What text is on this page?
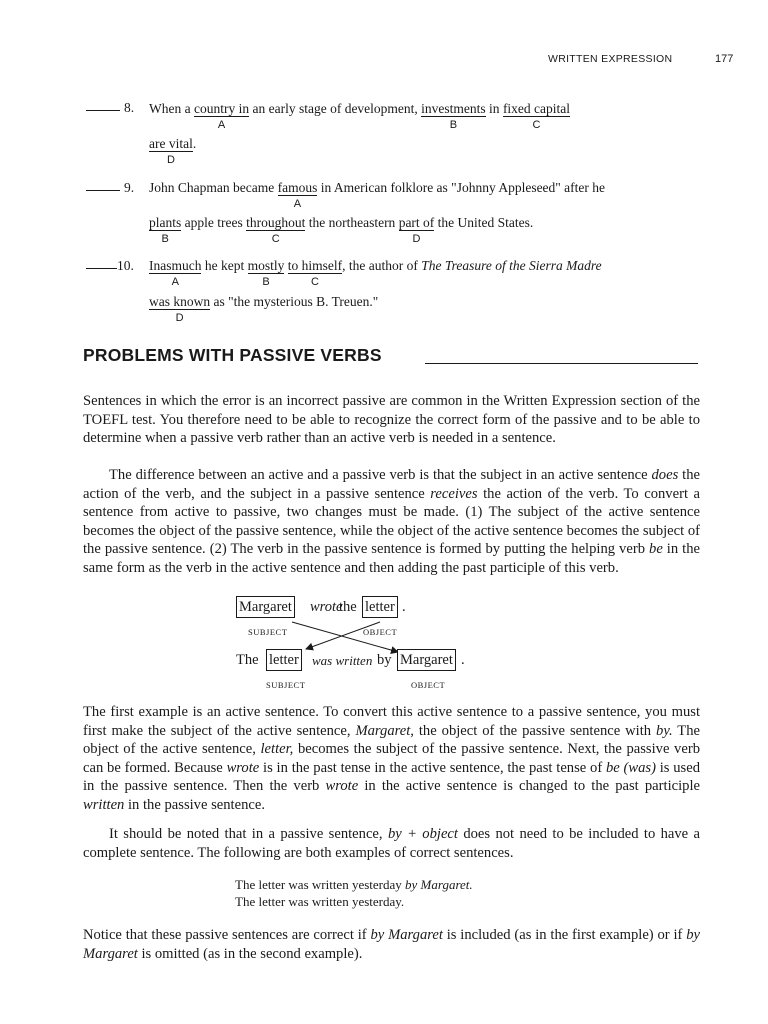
WRITTEN EXPRESSION	177
8. When a country in
A
an early stage of development, investments
B
in fixed capital
C
are vital
D
.
9. John Chapman became famous
A
in American folklore as "Johnny Appleseed" after he
plants
B
apple trees throughout
C
the northeastern part of
D
the United States.
10. Inasmuch
A
he kept mostly
B
to himself
C
, the author of The Treasure of the Sierra Madre
was known
D
as "the mysterious B. Treuen."
PROBLEMS WITH PASSIVE VERBS

Sentences in which the error is an incorrect passive are common in the Written Expression section of the TOEFL test. You therefore need to be able to recognize the correct form of the passive and to be able to determine when a passive verb rather than an active verb is needed in a sentence.

The difference between an active and a passive verb is that the subject in an active sentence does the action of the verb, and the subject in a passive sentence receives the action of the verb. To convert a sentence from active to passive, two changes must be made. (1) The subject of the active sentence becomes the object of the passive sentence, while the object of the active sentence becomes the subject of the passive sentence. (2) The verb in the passive sentence is formed by putting the helping verb be in the same form as the verb in the active sentence and then adding the past participle of this verb.

Margaret wrote
the letter .
SUBJECT	OBJECT
The letter was written by Margaret .
SUBJECT	OBJECT

The first example is an active sentence. To convert this active sentence to a passive sentence, you must first make the subject of the active sentence, Margaret, the object of the passive sentence with by. The object of the active sentence, letter, becomes the subject of the passive sentence. Next, the passive verb can be formed. Because wrote is in the past tense in the active sentence, the past tense of be (was) is used in the passive sentence. Then the verb wrote in the active sentence is changed to the past participle written in the passive sentence.

It should be noted that in a passive sentence, by + object does not need to be included to have a complete sentence. The following are both examples of correct sentences.

The letter was written yesterday by Margaret.
The letter was written yesterday.

Notice that these passive sentences are correct if by Margaret is included (as in the first example) or if by Margaret is omitted (as in the second example).
